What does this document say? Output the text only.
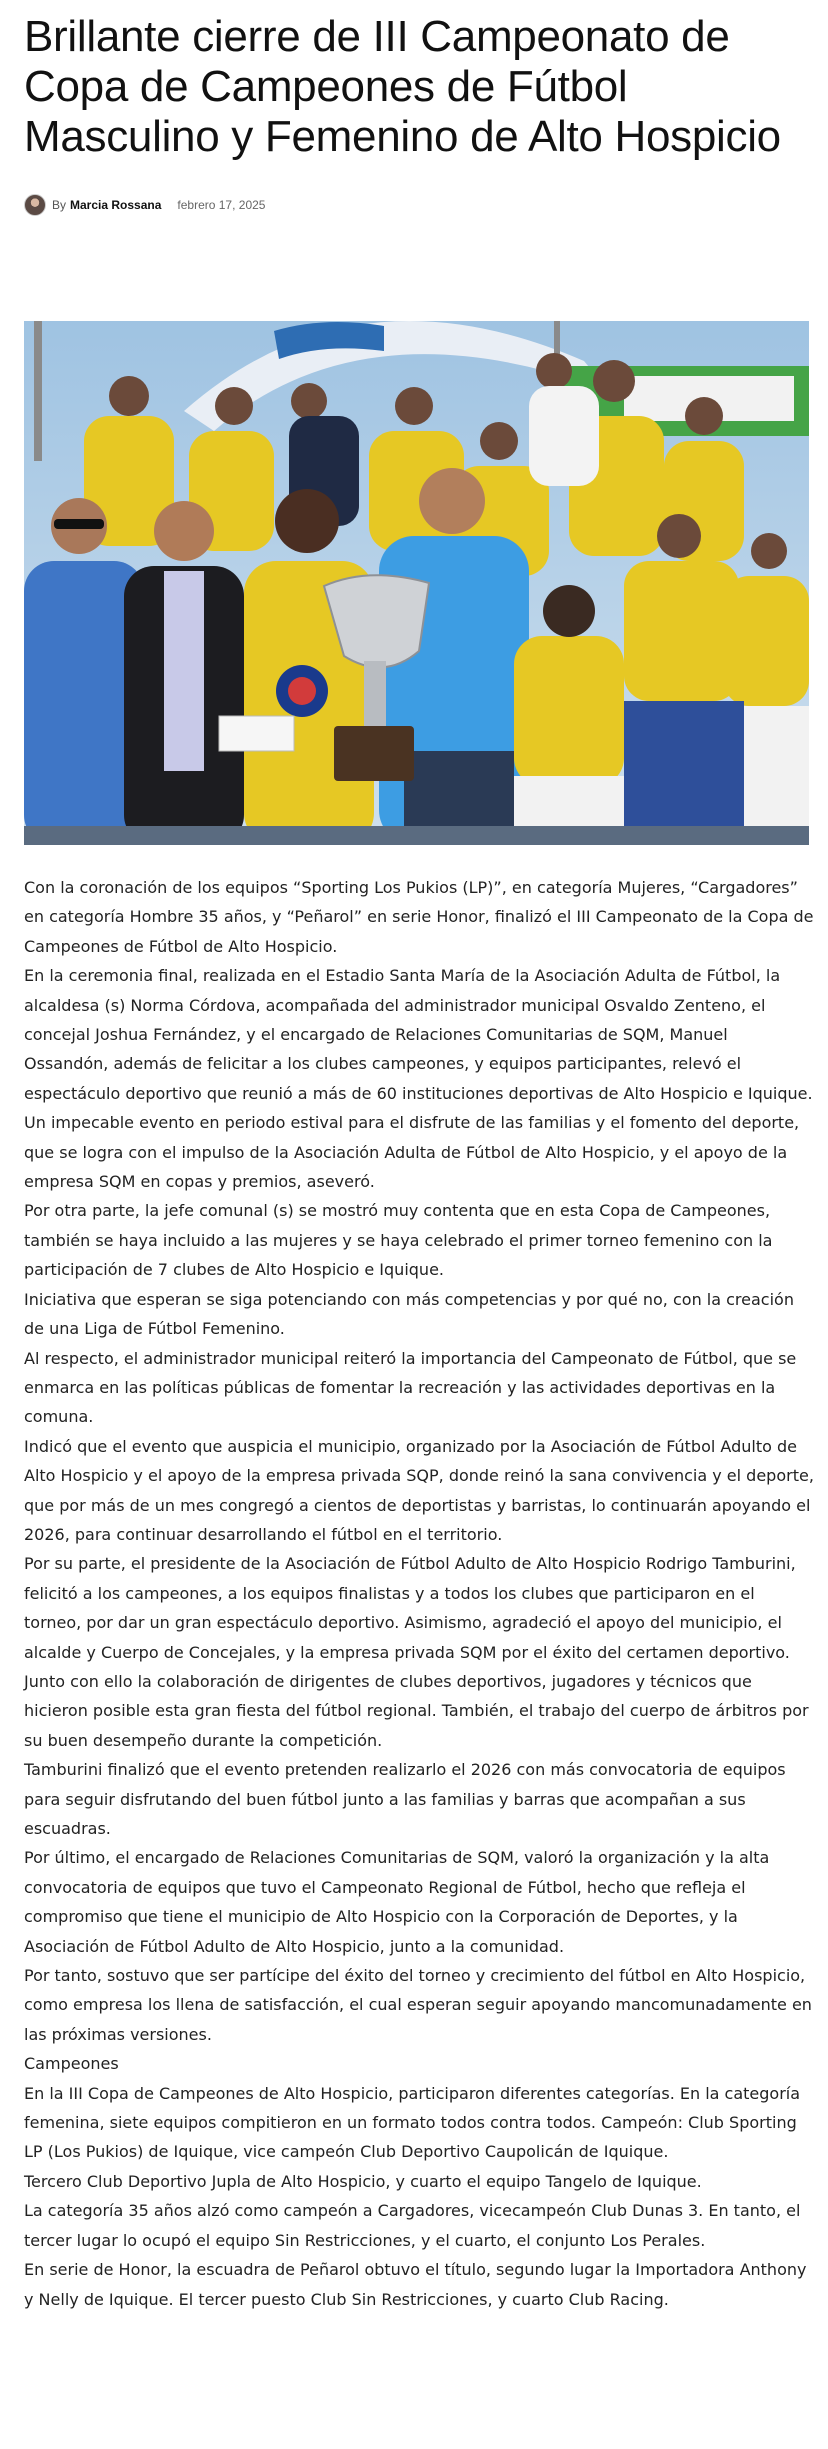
Brillante cierre de III Campeonato de Copa de Campeones de Fútbol Masculino y Femenino de Alto Hospicio
By Marcia Rossana febrero 17, 2025

Con la coronación de los equipos “Sporting Los Pukios (LP)”, en categoría Mujeres, “Cargadores” en categoría Hombre 35 años, y “Peñarol” en serie Honor, finalizó el III Campeonato de la Copa de Campeones de Fútbol de Alto Hospicio.

En la ceremonia final, realizada en el Estadio Santa María de la Asociación Adulta de Fútbol, la alcaldesa (s) Norma Córdova, acompañada del administrador municipal Osvaldo Zenteno, el concejal Joshua Fernández, y el encargado de Relaciones Comunitarias de SQM, Manuel Ossandón, además de felicitar a los clubes campeones, y equipos participantes, relevó el espectáculo deportivo que reunió a más de 60 instituciones deportivas de Alto Hospicio e Iquique.

Un impecable evento en periodo estival para el disfrute de las familias y el fomento del deporte, que se logra con el impulso de la Asociación Adulta de Fútbol de Alto Hospicio, y el apoyo de la empresa SQM en copas y premios, aseveró.

Por otra parte, la jefe comunal (s) se mostró muy contenta que en esta Copa de Campeones, también se haya incluido a las mujeres y se haya celebrado el primer torneo femenino con la participación de 7 clubes de Alto Hospicio e Iquique.

Iniciativa que esperan se siga potenciando con más competencias y por qué no, con la creación de una Liga de Fútbol Femenino.

Al respecto, el administrador municipal reiteró la importancia del Campeonato de Fútbol, que se enmarca en las políticas públicas de fomentar la recreación y las actividades deportivas en la comuna.

Indicó que el evento que auspicia el municipio, organizado por la Asociación de Fútbol Adulto de Alto Hospicio y el apoyo de la empresa privada SQP, donde reinó la sana convivencia y el deporte, que por más de un mes congregó a cientos de deportistas y barristas, lo continuarán apoyando el 2026, para continuar desarrollando el fútbol en el territorio.

Por su parte, el presidente de la Asociación de Fútbol Adulto de Alto Hospicio Rodrigo Tamburini, felicitó a los campeones, a los equipos finalistas y a todos los clubes que participaron en el torneo, por dar un gran espectáculo deportivo. Asimismo, agradeció el apoyo del municipio, el alcalde y Cuerpo de Concejales, y la empresa privada SQM por el éxito del certamen deportivo. Junto con ello la colaboración de dirigentes de clubes deportivos, jugadores y técnicos que hicieron posible esta gran fiesta del fútbol regional. También, el trabajo del cuerpo de árbitros por su buen desempeño durante la competición.

Tamburini finalizó que el evento pretenden realizarlo el 2026 con más convocatoria de equipos para seguir disfrutando del buen fútbol junto a las familias y barras que acompañan a sus escuadras.

Por último, el encargado de Relaciones Comunitarias de SQM, valoró la organización y la alta convocatoria de equipos que tuvo el Campeonato Regional de Fútbol, hecho que refleja el compromiso que tiene el municipio de Alto Hospicio con la Corporación de Deportes, y la Asociación de Fútbol Adulto de Alto Hospicio, junto a la comunidad.

Por tanto, sostuvo que ser partícipe del éxito del torneo y crecimiento del fútbol en Alto Hospicio, como empresa los llena de satisfacción, el cual esperan seguir apoyando mancomunadamente en las próximas versiones.

Campeones

En la III Copa de Campeones de Alto Hospicio, participaron diferentes categorías. En la categoría femenina, siete equipos compitieron en un formato todos contra todos. Campeón: Club Sporting LP (Los Pukios) de Iquique, vice campeón Club Deportivo Caupolicán de Iquique.

Tercero Club Deportivo Jupla de Alto Hospicio, y cuarto el equipo Tangelo de Iquique.

La categoría 35 años alzó como campeón a Cargadores, vicecampeón Club Dunas 3. En tanto, el tercer lugar lo ocupó el equipo Sin Restricciones, y el cuarto, el conjunto Los Perales.

En serie de Honor, la escuadra de Peñarol obtuvo el título, segundo lugar la Importadora Anthony y Nelly de Iquique. El tercer puesto Club Sin Restricciones, y cuarto Club Racing.
